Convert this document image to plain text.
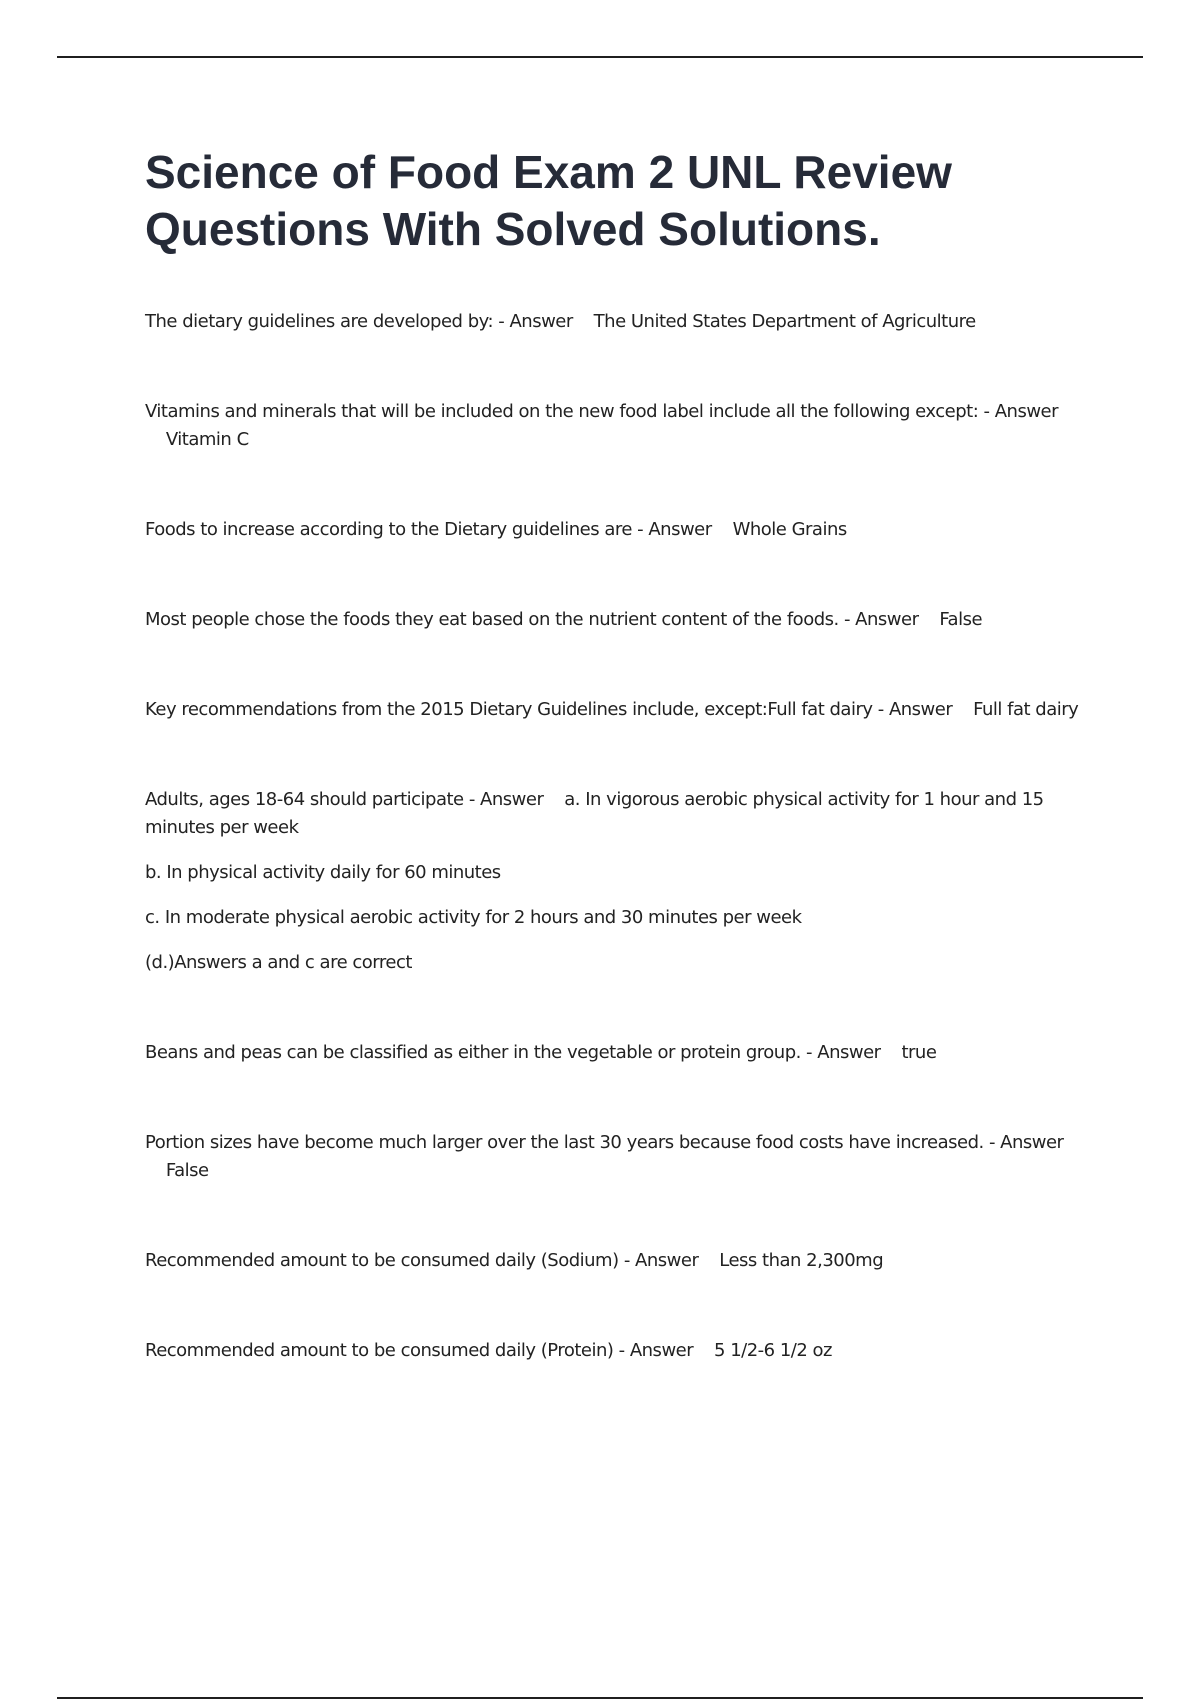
Science of Food Exam 2 UNL Review Questions With Solved Solutions.
The dietary guidelines are developed by: - Answer The United States Department of Agriculture
Vitamins and minerals that will be included on the new food label include all the following except: - Answer    Vitamin C
Foods to increase according to the Dietary guidelines are - Answer Whole Grains
Most people chose the foods they eat based on the nutrient content of the foods. - Answer False
Key recommendations from the 2015 Dietary Guidelines include, except:Full fat dairy - Answer Full fat dairy
Adults, ages 18-64 should participate - Answer a. In vigorous aerobic physical activity for 1 hour and 15 minutes per week
b. In physical activity daily for 60 minutes
c. In moderate physical aerobic activity for 2 hours and 30 minutes per week
(d.)Answers a and c are correct
Beans and peas can be classified as either in the vegetable or protein group. - Answer true
Portion sizes have become much larger over the last 30 years because food costs have increased. - Answer    False
Recommended amount to be consumed daily (Sodium) - Answer Less than 2,300mg
Recommended amount to be consumed daily (Protein) - Answer 5 1/2-6 1/2 oz
